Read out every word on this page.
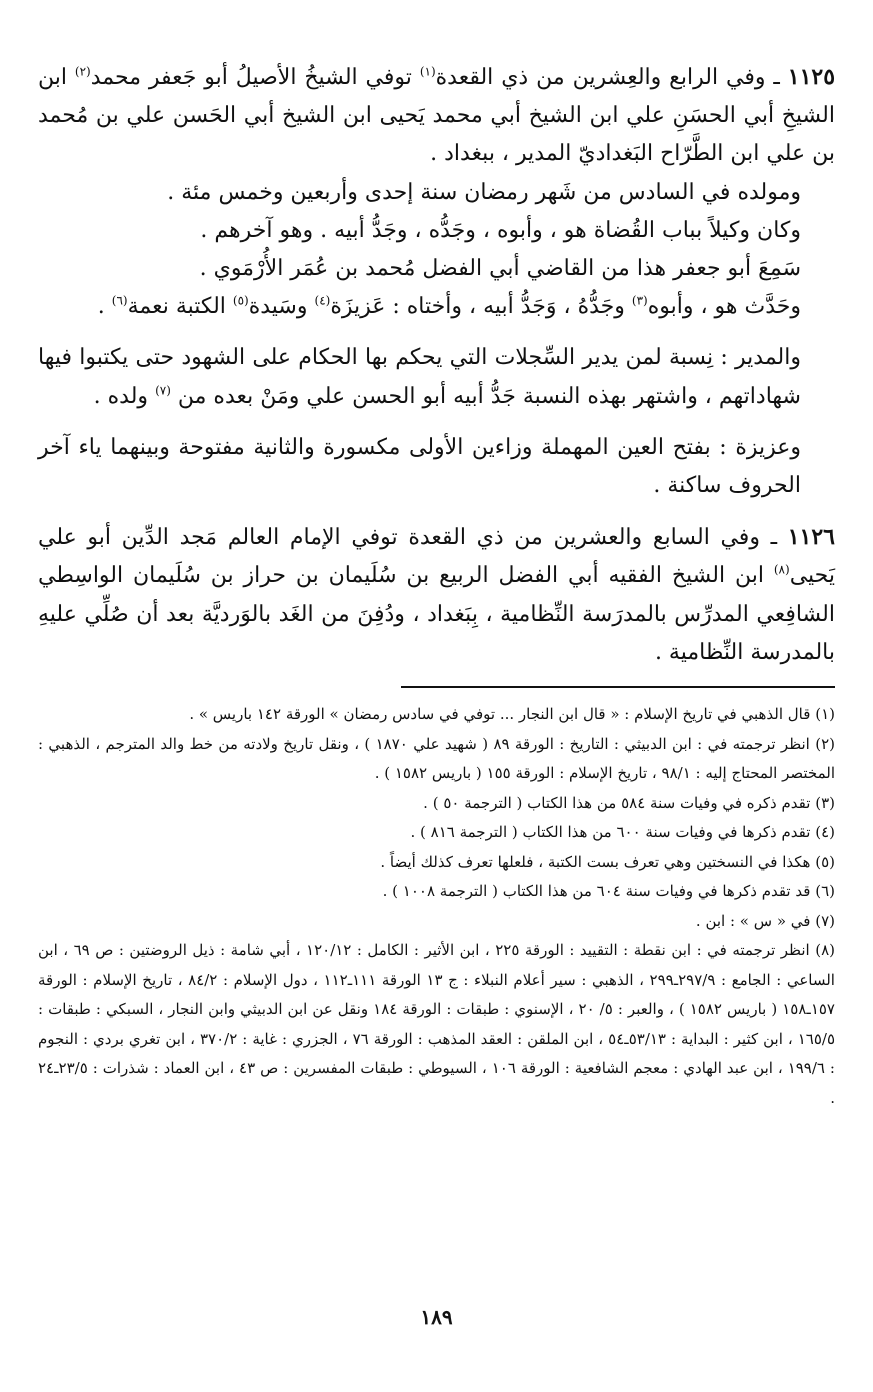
١١٢٥ ـ وفي الرابع والعِشرين من ذي القعدة$^{(١)}$ توفي الشيخُ الأصيلُ أبو جَعفر محمد$^{(٢)}$ ابن الشيخِ أبي الحسَنِ علي ابن الشيخ أبي محمد يَحيى ابن الشيخ أبي الحَسن علي بن مُحمد بن علي ابن الطَّرّاح البَغداديّ المدير ، ببغداد .

ومولده في السادس من شَهر رمضان سنة إحدى وأربعين وخمس مئة .

وكان وكيلاً بباب القُضاة هو ، وأبوه ، وجَدُّه ، وجَدُّ أبيه . وهو آخرهم .

سَمِعَ أبو جعفر هذا من القاضي أبي الفضل مُحمد بن عُمَر الأُرْمَوي .

وحَدَّث هو ، وأبوه$^{(٣)}$ وجَدُّهُ ، وَجَدُّ أبيه ، وأختاه : عَزيزَة$^{(٤)}$ وسَيدة$^{(٥)}$ الكتبة نعمة$^{(٦)}$ .

والمدير : نِسبة لمن يدير السِّجلات التي يحكم بها الحكام على الشهود حتى يكتبوا فيها شهاداتهم ، واشتهر بهذه النسبة جَدُّ أبيه أبو الحسن علي ومَنْ بعده من $^{(٧)}$ ولده .

وعزيزة : بفتح العين المهملة وزاءين الأولى مكسورة والثانية مفتوحة وبينهما ياء آخر الحروف ساكنة .

١١٢٦ ـ وفي السابع والعشرين من ذي القعدة توفي الإمام العالم مَجد الدِّين أبو علي يَحيى$^{(٨)}$ ابن الشيخ الفقيه أبي الفضل الربيع بن سُلَيمان بن حراز بن سُلَيمان الواسِطي الشافِعي المدرِّس بالمدرَسة النِّظامية ، بِبَغداد ، ودُفِنَ من الغَد بالوَرديَّة بعد أن صُلِّي عليهِ بالمدرسة النِّظامية .

(١) قال الذهبي في تاريخ الإسلام : « قال ابن النجار ... توفي في سادس رمضان » الورقة ١٤٢ باريس » .

(٢) انظر ترجمته في : ابن الدبيثي : التاريخ : الورقة ٨٩ ( شهيد علي ١٨٧٠ ) ، ونقل تاريخ ولادته من خط والد المترجم ، الذهبي : المختصر المحتاج إليه : ٩٨/١ ، تاريخ الإسلام : الورقة ١٥٥ ( باريس ١٥٨٢ ) .

(٣) تقدم ذكره في وفيات سنة ٥٨٤ من هذا الكتاب ( الترجمة ٥٠ ) .

(٤) تقدم ذكرها في وفيات سنة ٦٠٠ من هذا الكتاب ( الترجمة ٨١٦ ) .

(٥) هكذا في النسختين وهي تعرف بست الكتبة ، فلعلها تعرف كذلك أيضاً .

(٦) قد تقدم ذكرها في وفيات سنة ٦٠٤ من هذا الكتاب ( الترجمة ١٠٠٨ ) .

(٧) في « س » : ابن .

(٨) انظر ترجمته في : ابن نقطة : التقييد : الورقة ٢٢٥ ، ابن الأثير : الكامل : ١٢٠/١٢ ، أبي شامة : ذيل الروضتين : ص ٦٩ ، ابن الساعي : الجامع : ٢٩٧/٩ـ٢٩٩ ، الذهبي : سير أعلام النبلاء : ج ١٣ الورقة ١١١ـ١١٢ ، دول الإسلام : ٨٤/٢ ، تاريخ الإسلام : الورقة ١٥٧ـ١٥٨ ( باريس ١٥٨٢ ) ، والعبر : ٥/ ٢٠ ، الإسنوي : طبقات : الورقة ١٨٤ ونقل عن ابن الدبيثي وابن النجار ، السبكي : طبقات : ١٦٥/٥ ، ابن كثير : البداية : ٥٣/١٣ـ٥٤ ، ابن الملقن : العقد المذهب : الورقة ٧٦ ، الجزري : غاية : ٣٧٠/٢ ، ابن تغري بردي : النجوم : ١٩٩/٦ ، ابن عبد الهادي : معجم الشافعية : الورقة ١٠٦ ، السيوطي : طبقات المفسرين : ص ٤٣ ، ابن العماد : شذرات : ٢٣/٥ـ٢٤ .

١٨٩
